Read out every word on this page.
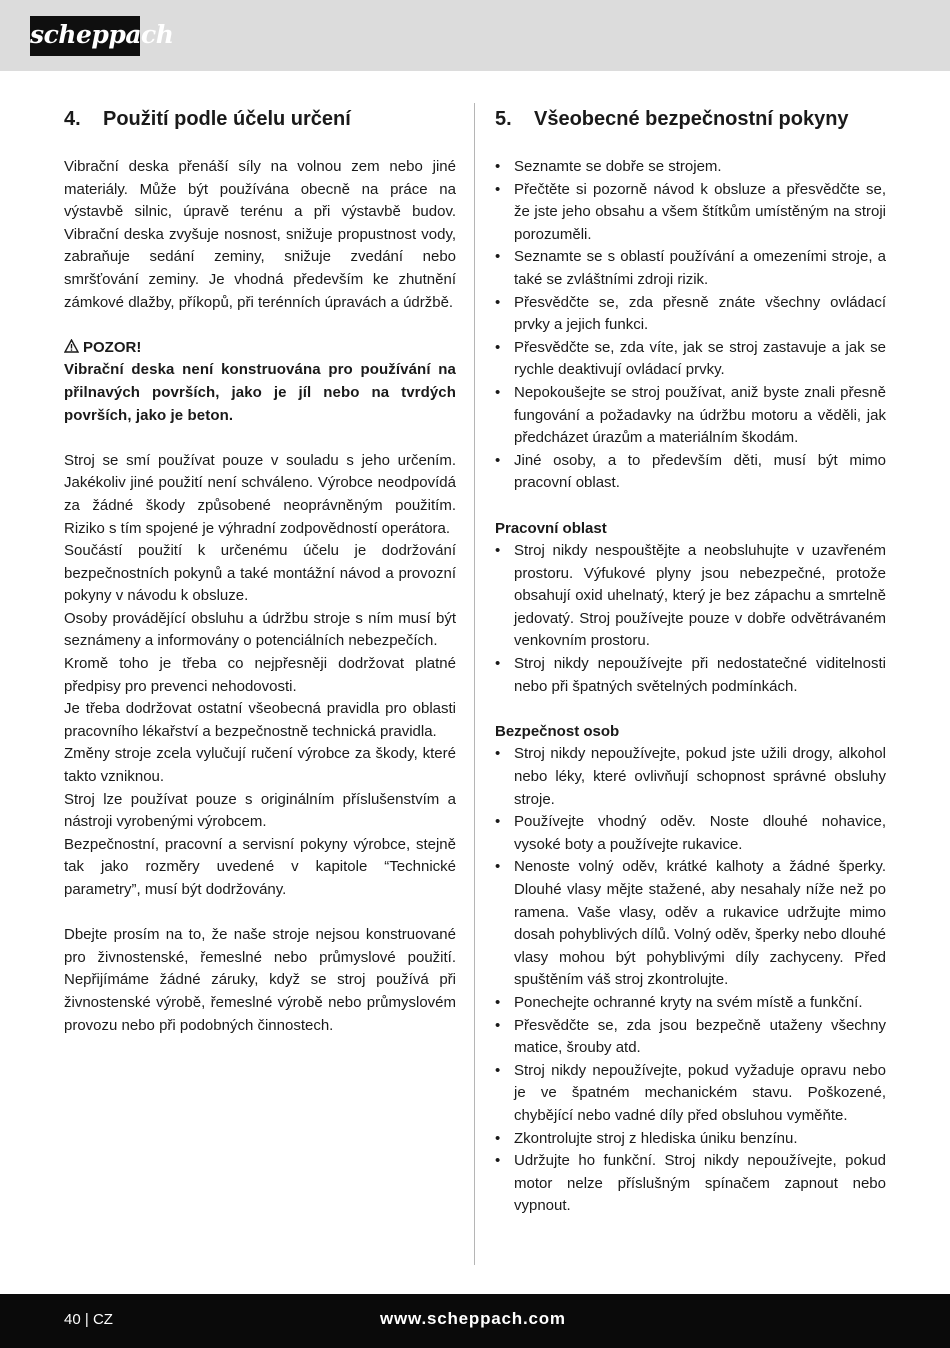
scheppach
4. Použití podle účelu určení

Vibrační deska přenáší síly na volnou zem nebo jiné materiály. Může být používána obecně na práce na výstavbě silnic, úpravě terénu a při výstavbě budov. Vibrační deska zvyšuje nosnost, snižuje propustnost vody, zabraňuje sedání zeminy, snižuje zvedání nebo smršťování zeminy. Je vhodná především ke zhutnění zámkové dlažby, příkopů, při terénních úpravách a údržbě.

POZOR!

Vibrační deska není konstruována pro používání na přilnavých površích, jako je jíl nebo na tvrdých površích, jako je beton.

Stroj se smí používat pouze v souladu s jeho určením. Jakékoliv jiné použití není schváleno. Výrobce neodpovídá za žádné škody způsobené neoprávněným použitím. Riziko s tím spojené je výhradní zodpovědností operátora.

Součástí použití k určenému účelu je dodržování bezpečnostních pokynů a také montážní návod a provozní pokyny v návodu k obsluze.

Osoby provádějící obsluhu a údržbu stroje s ním musí být seznámeny a informovány o potenciálních nebezpečích.

Kromě toho je třeba co nejpřesněji dodržovat platné předpisy pro prevenci nehodovosti.

Je třeba dodržovat ostatní všeobecná pravidla pro oblasti pracovního lékařství a bezpečnostně technická pravidla.

Změny stroje zcela vylučují ručení výrobce za škody, které takto vzniknou.

Stroj lze používat pouze s originálním příslušenstvím a nástroji vyrobenými výrobcem.

Bezpečnostní, pracovní a servisní pokyny výrobce, stejně tak jako rozměry uvedené v kapitole “Technické parametry”, musí být dodržovány.

Dbejte prosím na to, že naše stroje nejsou konstruované pro živnostenské, řemeslné nebo průmyslové použití. Nepřijímáme žádné záruky, když se stroj používá při živnostenské výrobě, řemeslné výrobě nebo průmyslovém provozu nebo při podobných činnostech.

5. Všeobecné bezpečnostní pokyny
• Seznamte se dobře se strojem.
• Přečtěte si pozorně návod k obsluze a přesvědčte se, že jste jeho obsahu a všem štítkům umístěným na stroji porozuměli.
• Seznamte se s oblastí používání a omezeními stroje, a také se zvláštními zdroji rizik.
• Přesvědčte se, zda přesně znáte všechny ovládací prvky a jejich funkci.
• Přesvědčte se, zda víte, jak se stroj zastavuje a jak se rychle deaktivují ovládací prvky.
• Nepokoušejte se stroj používat, aniž byste znali přesně fungování a požadavky na údržbu motoru a věděli, jak předcházet úrazům a materiálním škodám.
• Jiné osoby, a to především děti, musí být mimo pracovní oblast.
Pracovní oblast
• Stroj nikdy nespouštějte a neobsluhujte v uzavřeném prostoru. Výfukové plyny jsou nebezpečné, protože obsahují oxid uhelnatý, který je bez zápachu a smrtelně jedovatý. Stroj používejte pouze v dobře odvětrávaném venkovním prostoru.
• Stroj nikdy nepoužívejte při nedostatečné viditelnosti nebo při špatných světelných podmínkách.
Bezpečnost osob
• Stroj nikdy nepoužívejte, pokud jste užili drogy, alkohol nebo léky, které ovlivňují schopnost správné obsluhy stroje.
• Používejte vhodný oděv. Noste dlouhé nohavice, vysoké boty a používejte rukavice.
• Nenoste volný oděv, krátké kalhoty a žádné šperky. Dlouhé vlasy mějte stažené, aby nesahaly níže než po ramena. Vaše vlasy, oděv a rukavice udržujte mimo dosah pohyblivých dílů. Volný oděv, šperky nebo dlouhé vlasy mohou být pohyblivými díly zachyceny. Před spuštěním váš stroj zkontrolujte.
• Ponechejte ochranné kryty na svém místě a funkční.
• Přesvědčte se, zda jsou bezpečně utaženy všechny matice, šrouby atd.
• Stroj nikdy nepoužívejte, pokud vyžaduje opravu nebo je ve špatném mechanickém stavu. Poškozené, chybějící nebo vadné díly před obsluhou vyměňte.
• Zkontrolujte stroj z hlediska úniku benzínu.
• Udržujte ho funkční. Stroj nikdy nepoužívejte, pokud motor nelze příslušným spínačem zapnout nebo vypnout.
40 | CZ	www.scheppach.com
